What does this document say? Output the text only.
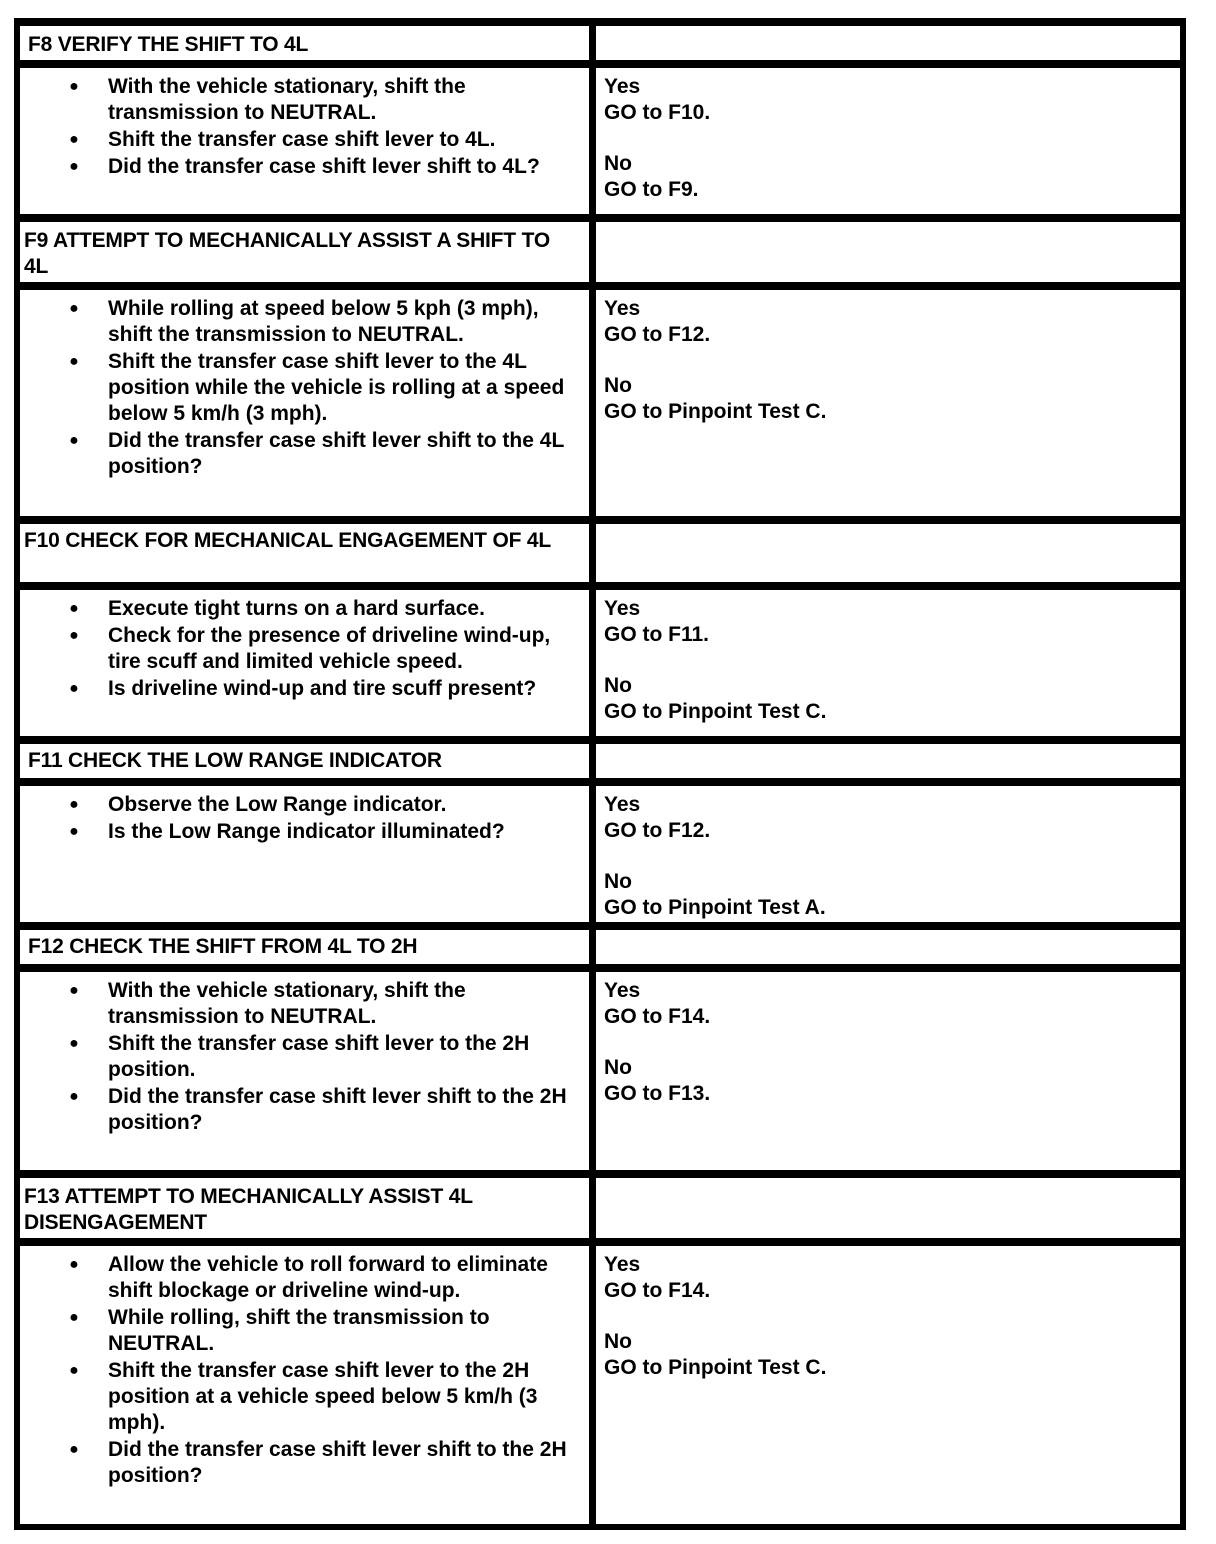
F8 VERIFY THE SHIFT TO 4L
● With the vehicle stationary, shift the transmission to NEUTRAL.
● Shift the transfer case shift lever to 4L.
● Did the transfer case shift lever shift to 4L?
Yes
GO to F10.
No
GO to F9.
F9 ATTEMPT TO MECHANICALLY ASSIST A SHIFT TO 4L
● While rolling at speed below 5 kph (3 mph), shift the transmission to NEUTRAL.
● Shift the transfer case shift lever to the 4L position while the vehicle is rolling at a speed below 5 km/h (3 mph).
● Did the transfer case shift lever shift to the 4L position?
Yes
GO to F12.
No
GO to Pinpoint Test C.
F10 CHECK FOR MECHANICAL ENGAGEMENT OF 4L
● Execute tight turns on a hard surface.
● Check for the presence of driveline wind-up, tire scuff and limited vehicle speed.
● Is driveline wind-up and tire scuff present?
Yes
GO to F11.
No
GO to Pinpoint Test C.
F11 CHECK THE LOW RANGE INDICATOR
● Observe the Low Range indicator.
● Is the Low Range indicator illuminated?
Yes
GO to F12.
No
GO to Pinpoint Test A.
F12 CHECK THE SHIFT FROM 4L TO 2H
● With the vehicle stationary, shift the transmission to NEUTRAL.
● Shift the transfer case shift lever to the 2H position.
● Did the transfer case shift lever shift to the 2H position?
Yes
GO to F14.
No
GO to F13.
F13 ATTEMPT TO MECHANICALLY ASSIST 4L DISENGAGEMENT
● Allow the vehicle to roll forward to eliminate shift blockage or driveline wind-up.
● While rolling, shift the transmission to NEUTRAL.
● Shift the transfer case shift lever to the 2H position at a vehicle speed below 5 km/h (3 mph).
● Did the transfer case shift lever shift to the 2H position?
Yes
GO to F14.
No
GO to Pinpoint Test C.
